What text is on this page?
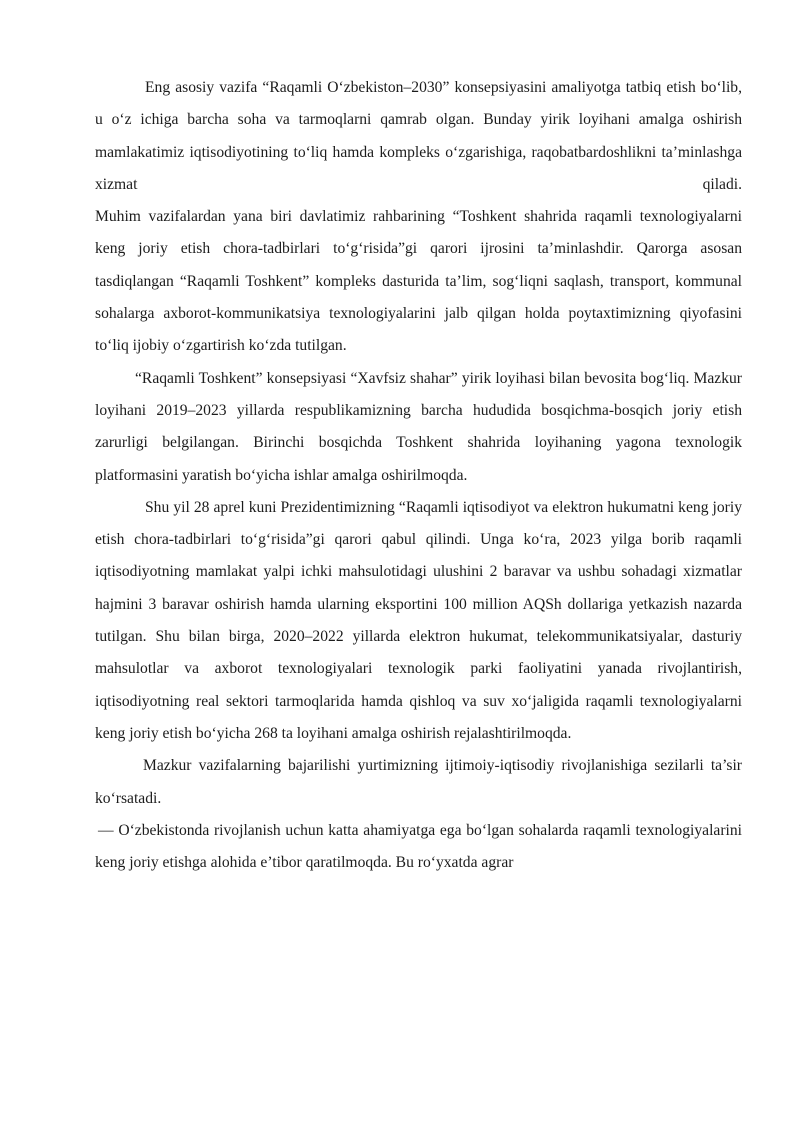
Eng asosiy vazifa “Raqamli O‘zbekiston–2030” konsepsiyasini amaliyotga tatbiq etish bo‘lib, u o‘z ichiga barcha soha va tarmoqlarni qamrab olgan. Bunday yirik loyihani amalga oshirish mamlakatimiz iqtisodiyotining to‘liq hamda kompleks o‘zgarishiga, raqobatbardoshlikni ta’minlashga xizmat qiladi.
Muhim vazifalardan yana biri davlatimiz rahbarining “Toshkent shahrida raqamli texnologiyalarni keng joriy etish chora-tadbirlari to‘g‘risida”gi qarori ijrosini ta’minlashdir. Qarorga asosan tasdiqlangan “Raqamli Toshkent” kompleks dasturida ta’lim, sog‘liqni saqlash, transport, kommunal sohalarga axborot-kommunikatsiya texnologiyalarini jalb qilgan holda poytaxtimizning qiyofasini to‘liq ijobiy o‘zgartirish ko‘zda tutilgan.

“Raqamli Toshkent” konsepsiyasi “Xavfsiz shahar” yirik loyihasi bilan bevosita bog‘liq. Mazkur loyihani 2019–2023 yillarda respublikamizning barcha hududida bosqichma-bosqich joriy etish zarurligi belgilangan. Birinchi bosqichda Toshkent shahrida loyihaning yagona texnologik platformasini yaratish bo‘yicha ishlar amalga oshirilmoqda.

Shu yil 28 aprel kuni Prezidentimizning “Raqamli iqtisodiyot va elektron hukumatni keng joriy etish chora-tadbirlari to‘g‘risida”gi qarori qabul qilindi. Unga ko‘ra, 2023 yilga borib raqamli iqtisodiyotning mamlakat yalpi ichki mahsulotidagi ulushini 2 baravar va ushbu sohadagi xizmatlar hajmini 3 baravar oshirish hamda ularning eksportini 100 million AQSh dollariga yetkazish nazarda tutilgan. Shu bilan birga, 2020–2022 yillarda elektron hukumat, telekommunikatsiyalar, dasturiy mahsulotlar va axborot texnologiyalari texnologik parki faoliyatini yanada rivojlantirish, iqtisodiyotning real sektori tarmoqlarida hamda qishloq va suv xo‘jaligida raqamli texnologiyalarni keng joriy etish bo‘yicha 268 ta loyihani amalga oshirish rejalashtirilmoqda.

Mazkur vazifalarning bajarilishi yurtimizning ijtimoiy-iqtisodiy rivojlanishiga sezilarli ta’sir ko‘rsatadi.

— O‘zbekistonda rivojlanish uchun katta ahamiyatga ega bo‘lgan sohalarda raqamli texnologiyalarini keng joriy etishga alohida e’tibor qaratilmoqda. Bu ro‘yxatda agrar
